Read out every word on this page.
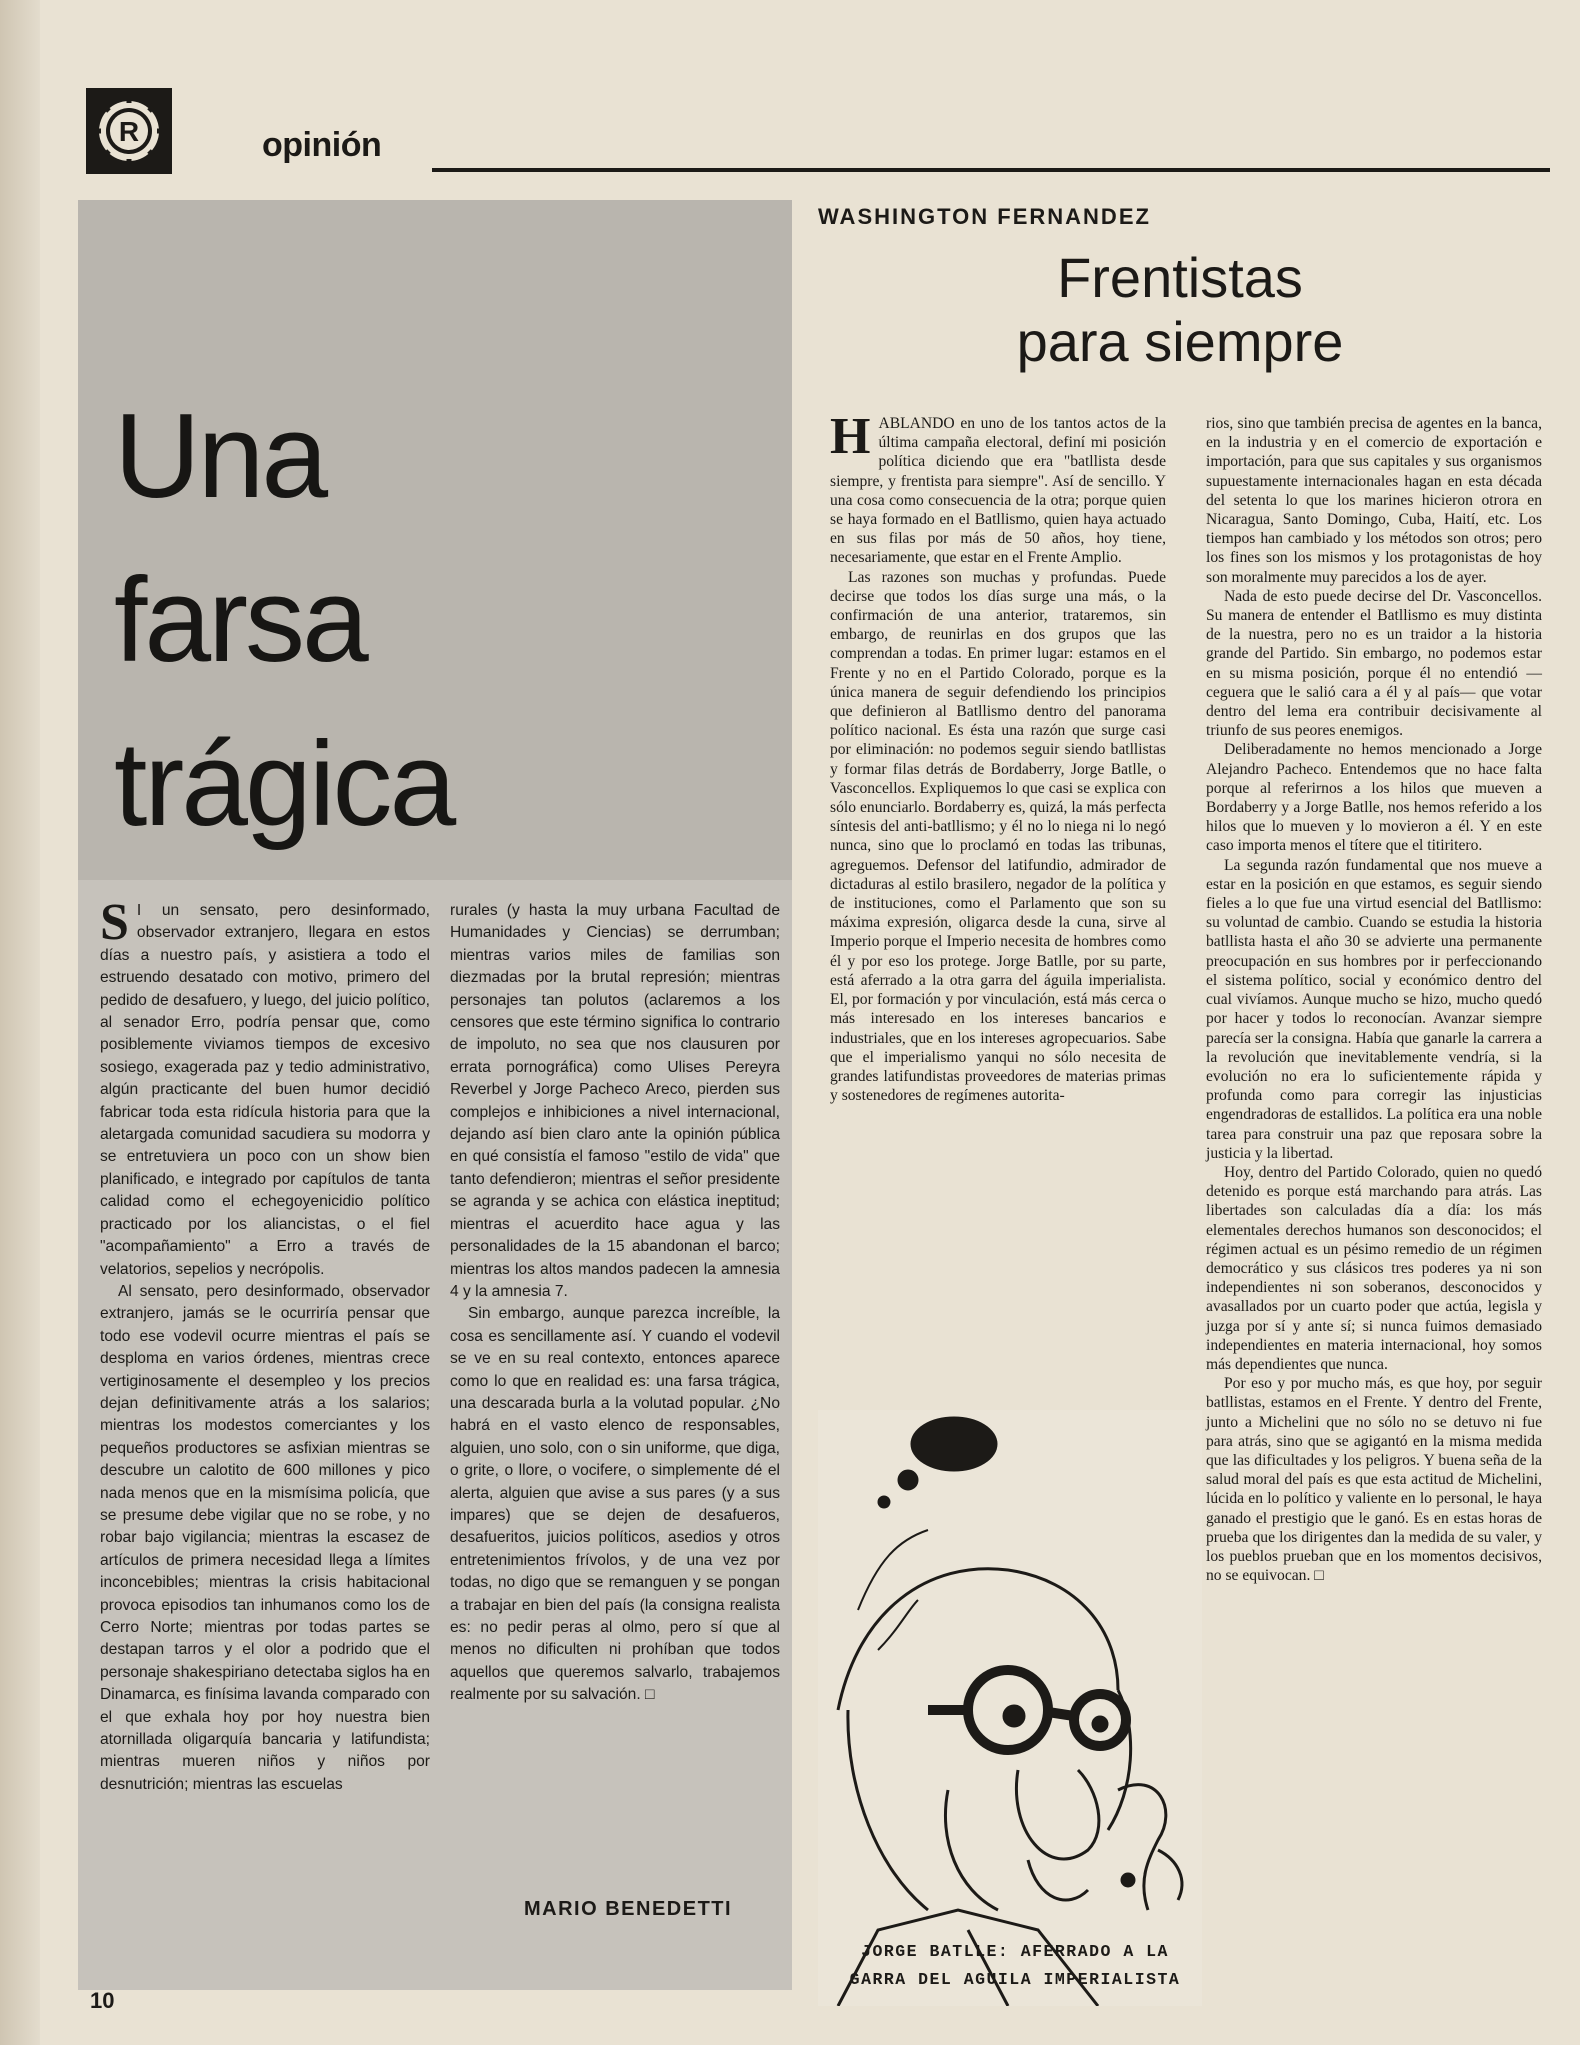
R	opinión
Una
farsa
trágica

S I un sensato, pero desinformado, observador extranjero, llegara en estos días a nuestro país, y asistiera a todo el estruendo desatado con motivo, primero del pedido de desafuero, y luego, del juicio político, al senador Erro, podría pensar que, como posiblemente viviamos tiempos de excesivo sosiego, exagerada paz y tedio administrativo, algún practicante del buen humor decidió fabricar toda esta ridícula historia para que la aletargada comunidad sacudiera su modorra y se entretuviera un poco con un show bien planificado, e integrado por capítulos de tanta calidad como el echegoyenicidio político practicado por los aliancistas, o el fiel "acompañamiento" a Erro a través de velatorios, sepelios y necrópolis.

Al sensato, pero desinformado, observador extranjero, jamás se le ocurriría pensar que todo ese vodevil ocurre mientras el país se desploma en varios órdenes, mientras crece vertiginosamente el desempleo y los precios dejan definitivamente atrás a los salarios; mientras los modestos comerciantes y los pequeños productores se asfixian mientras se descubre un calotito de 600 millones y pico nada menos que en la mismísima policía, que se presume debe vigilar que no se robe, y no robar bajo vigilancia; mientras la escasez de artículos de primera necesidad llega a límites inconcebibles; mientras la crisis habitacional provoca episodios tan inhumanos como los de Cerro Norte; mientras por todas partes se destapan tarros y el olor a podrido que el personaje shakespiriano detectaba siglos ha en Dinamarca, es finísima lavanda comparado con el que exhala hoy por hoy nuestra bien atornillada oligarquía bancaria y latifundista; mientras mueren niños y niños por desnutrición; mientras las escuelas

rurales (y hasta la muy urbana Facultad de Humanidades y Ciencias) se derrumban; mientras varios miles de familias son diezmadas por la brutal represión; mientras personajes tan polutos (aclaremos a los censores que este término significa lo contrario de impoluto, no sea que nos clausuren por errata pornográfica) como Ulises Pereyra Reverbel y Jorge Pacheco Areco, pierden sus complejos e inhibiciones a nivel internacional, dejando así bien claro ante la opinión pública en qué consistía el famoso "estilo de vida" que tanto defendieron; mientras el señor presidente se agranda y se achica con elástica ineptitud; mientras el acuerdito hace agua y las personalidades de la 15 abandonan el barco; mientras los altos mandos padecen la amnesia 4 y la amnesia 7.

Sin embargo, aunque parezca increíble, la cosa es sencillamente así. Y cuando el vodevil se ve en su real contexto, entonces aparece como lo que en realidad es: una farsa trágica, una descarada burla a la volutad popular. ¿No habrá en el vasto elenco de responsables, alguien, uno solo, con o sin uniforme, que diga, o grite, o llore, o vocifere, o simplemente dé el alerta, alguien que avise a sus pares (y a sus impares) que se dejen de desafueros, desafueritos, juicios políticos, asedios y otros entretenimientos frívolos, y de una vez por todas, no digo que se remanguen y se pongan a trabajar en bien del país (la consigna realista es: no pedir peras al olmo, pero sí que al menos no dificulten ni prohíban que todos aquellos que queremos salvarlo, trabajemos realmente por su salvación. □

MARIO BENEDETTI
WASHINGTON FERNANDEZ
Frentistas
para siempre

HABLANDO en uno de los tantos actos de la última campaña electoral, definí mi posición política diciendo que era "batllista desde siempre, y frentista para siempre". Así de sencillo. Y una cosa como consecuencia de la otra; porque quien se haya formado en el Batllismo, quien haya actuado en sus filas por más de 50 años, hoy tiene, necesariamente, que estar en el Frente Amplio.

Las razones son muchas y profundas. Puede decirse que todos los días surge una más, o la confirmación de una anterior, trataremos, sin embargo, de reunirlas en dos grupos que las comprendan a todas. En primer lugar: estamos en el Frente y no en el Partido Colorado, porque es la única manera de seguir defendiendo los principios que definieron al Batllismo dentro del panorama político nacional. Es ésta una razón que surge casi por eliminación: no podemos seguir siendo batllistas y formar filas detrás de Bordaberry, Jorge Batlle, o Vasconcellos. Expliquemos lo que casi se explica con sólo enunciarlo. Bordaberry es, quizá, la más perfecta síntesis del anti-batllismo; y él no lo niega ni lo negó nunca, sino que lo proclamó en todas las tribunas, agreguemos. Defensor del latifundio, admirador de dictaduras al estilo brasilero, negador de la política y de instituciones, como el Parlamento que son su máxima expresión, oligarca desde la cuna, sirve al Imperio porque el Imperio necesita de hombres como él y por eso los protege. Jorge Batlle, por su parte, está aferrado a la otra garra del águila imperialista. El, por formación y por vinculación, está más cerca o más interesado en los intereses bancarios e industriales, que en los intereses agropecuarios. Sabe que el imperialismo yanqui no sólo necesita de grandes latifundistas proveedores de materias primas y sostenedores de regímenes autorita-

rios, sino que también precisa de agentes en la banca, en la industria y en el comercio de exportación e importación, para que sus capitales y sus organismos supuestamente internacionales hagan en esta década del setenta lo que los marines hicieron otrora en Nicaragua, Santo Domingo, Cuba, Haití, etc. Los tiempos han cambiado y los métodos son otros; pero los fines son los mismos y los protagonistas de hoy son moralmente muy parecidos a los de ayer.

Nada de esto puede decirse del Dr. Vasconcellos. Su manera de entender el Batllismo es muy distinta de la nuestra, pero no es un traidor a la historia grande del Partido. Sin embargo, no podemos estar en su misma posición, porque él no entendió —ceguera que le salió cara a él y al país— que votar dentro del lema era contribuir decisivamente al triunfo de sus peores enemigos.

Deliberadamente no hemos mencionado a Jorge Alejandro Pacheco. Entendemos que no hace falta porque al referirnos a los hilos que mueven a Bordaberry y a Jorge Batlle, nos hemos referido a los hilos que lo mueven y lo movieron a él. Y en este caso importa menos el títere que el titiritero.

La segunda razón fundamental que nos mueve a estar en la posición en que estamos, es seguir siendo fieles a lo que fue una virtud esencial del Batllismo: su voluntad de cambio. Cuando se estudia la historia batllista hasta el año 30 se advierte una permanente preocupación en sus hombres por ir perfeccionando el sistema político, social y económico dentro del cual vivíamos. Aunque mucho se hizo, mucho quedó por hacer y todos lo reconocían. Avanzar siempre parecía ser la consigna. Había que ganarle la carrera a la revolución que inevitablemente vendría, si la evolución no era lo suficientemente rápida y profunda como para corregir las injusticias engendradoras de estallidos. La política era una noble tarea para construir una paz que reposara sobre la justicia y la libertad.

Hoy, dentro del Partido Colorado, quien no quedó detenido es porque está marchando para atrás. Las libertades son calculadas día a día: los más elementales derechos humanos son desconocidos; el régimen actual es un pésimo remedio de un régimen democrático y sus clásicos tres poderes ya ni son independientes ni son soberanos, desconocidos y avasallados por un cuarto poder que actúa, legisla y juzga por sí y ante sí; si nunca fuimos demasiado independientes en materia internacional, hoy somos más dependientes que nunca.

Por eso y por mucho más, es que hoy, por seguir batllistas, estamos en el Frente. Y dentro del Frente, junto a Michelini que no sólo no se detuvo ni fue para atrás, sino que se agigantó en la misma medida que las dificultades y los peligros. Y buena seña de la salud moral del país es que esta actitud de Michelini, lúcida en lo político y valiente en lo personal, le haya ganado el prestigio que le ganó. Es en estas horas de prueba que los dirigentes dan la medida de su valer, y los pueblos prueban que en los momentos decisivos, no se equivocan. □

JORGE BATLLE: AFERRADO A LA
GARRA DEL AGUILA IMPERIALISTA
10
